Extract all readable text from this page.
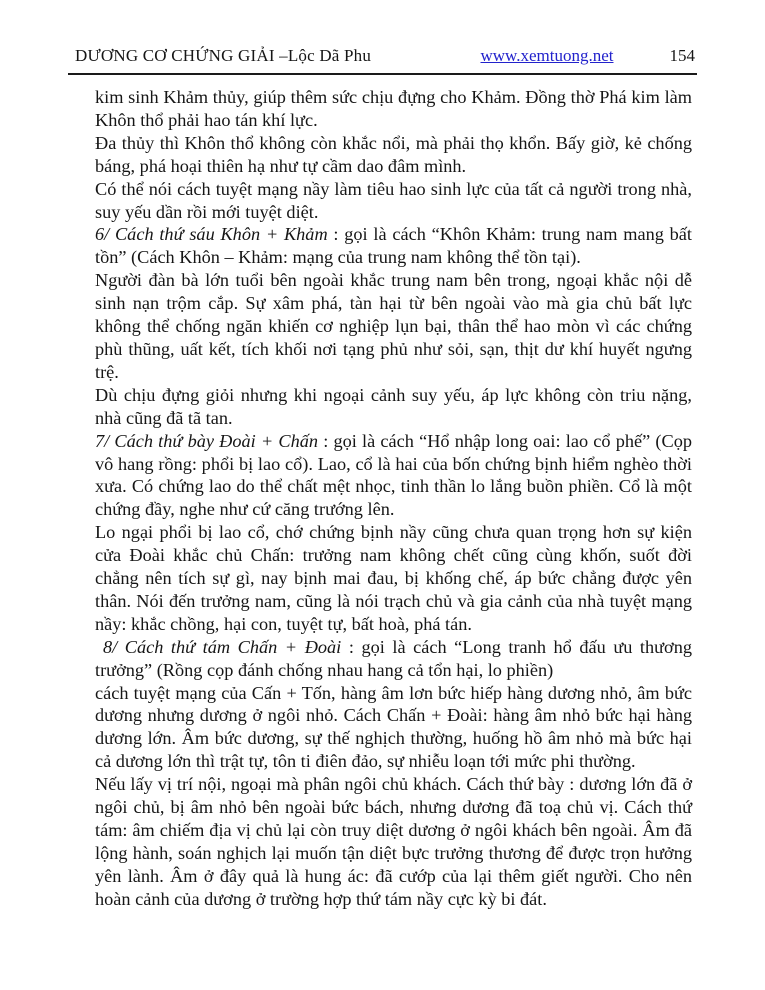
DƯƠNG CƠ CHỨNG GIẢI –Lộc Dã Phu	www.xemtuong.net	154

kim sinh Khảm thủy, giúp thêm sức chịu đựng cho Khảm. Đồng thờ Phá kim làm Khôn thổ phải hao tán khí lực.

Đa thủy thì Khôn thổ không còn khắc nổi, mà phải thọ khổn. Bấy giờ, kẻ chống báng, phá hoại thiên hạ như tự cầm dao đâm mình.

Có thể nói cách tuyệt mạng nầy làm tiêu hao sinh lực của tất cả người trong nhà, suy yếu dần rồi mới tuyệt diệt.

6/ Cách thứ sáu Khôn + Khảm : gọi là cách “Khôn Khảm: trung nam mang bất tồn” (Cách Khôn – Khảm: mạng của trung nam không thể tồn tại).

Người đàn bà lớn tuổi bên ngoài khắc trung nam bên trong, ngoại khắc nội dễ sinh nạn trộm cắp. Sự xâm phá, tàn hại từ bên ngoài vào mà gia chủ bất lực không thể chống ngăn khiến cơ nghiệp lụn bại, thân thể hao mòn vì các chứng phù thũng, uất kết, tích khối nơi tạng phủ như sỏi, sạn, thịt dư khí huyết ngưng trệ.

Dù chịu đựng giỏi nhưng khi ngoại cảnh suy yếu, áp lực không còn triu nặng, nhà cũng đã tã tan.

7/ Cách thứ bày Đoài + Chấn : gọi là cách “Hổ nhập long oai: lao cổ phế” (Cọp vô hang rồng: phổi bị lao cổ). Lao, cổ là hai của bốn chứng bịnh hiểm nghèo thời xưa. Có chứng lao do thể chất mệt nhọc, tinh thần lo lắng buồn phiền. Cổ là một chứng đầy, nghe như cứ căng trướng lên.

Lo ngại phổi bị lao cổ, chớ chứng bịnh nầy cũng chưa quan trọng hơn sự kiện cửa Đoài khắc chủ Chấn: trưởng nam không chết cũng cùng khốn, suốt đời chẳng nên tích sự gì, nay bịnh mai đau, bị khống chế, áp bức chẳng được yên thân. Nói đến trưởng nam, cũng là nói trạch chủ và gia cảnh của nhà tuyệt mạng nầy: khắc chồng, hại con, tuyệt tự, bất hoà, phá tán.

8/ Cách thứ tám Chấn + Đoài : gọi là cách “Long tranh hổ đấu ưu thương trưởng” (Rồng cọp đánh chống nhau hang cả tổn hại, lo phiền)

cách tuyệt mạng của Cấn + Tốn, hàng âm lơn bức hiếp hàng dương nhỏ, âm bức dương nhưng dương ở ngôi nhỏ. Cách Chấn + Đoài: hàng âm nhỏ bức hại hàng dương lớn. Âm bức dương, sự thế nghịch thường, huống hồ âm nhỏ mà bức hại cả dương lớn thì trật tự, tôn ti điên đảo, sự nhiễu loạn tới mức phi thường.

Nếu lấy vị trí nội, ngoại mà phân ngôi chủ khách. Cách thứ bày : dương lớn đã ở ngôi chủ, bị âm nhỏ bên ngoài bức bách, nhưng dương đã toạ chủ vị. Cách thứ tám: âm chiếm địa vị chủ lại còn truy diệt dương ở ngôi khách bên ngoài. Âm đã lộng hành, soán nghịch lại muốn tận diệt bực trưởng thương để được trọn hưởng yên lành. Âm ở đây quả là hung ác: đã cướp của lại thêm giết người. Cho nên hoàn cảnh của dương ở trường hợp thứ tám nầy cực kỳ bi đát.
